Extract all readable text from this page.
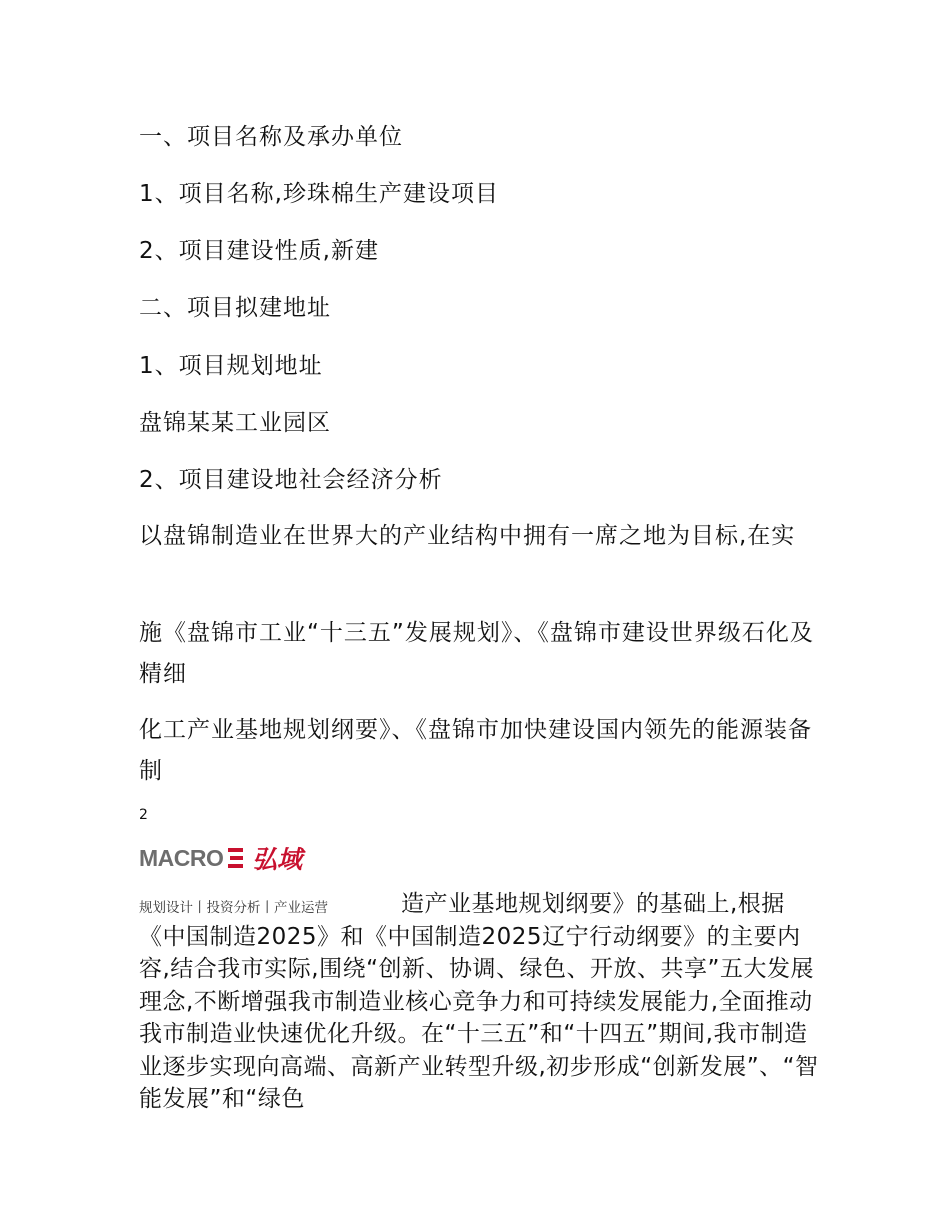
一、项目名称及承办单位
1、项目名称,珍珠棉生产建设项目
2、项目建设性质,新建
二、项目拟建地址
1、项目规划地址
盘锦某某工业园区
2、项目建设地社会经济分析
以盘锦制造业在世界大的产业结构中拥有一席之地为目标,在实
施《盘锦市工业“十三五”发展规划》、《盘锦市建设世界级石化及精细
化工产业基地规划纲要》、《盘锦市加快建设国内领先的能源装备制
2
MACRO 弘域
规划设计丨投资分析丨产业运营	造产业基地规划纲要》的基础上,根据《中国制造2025》和《中国制造2025辽宁行动纲要》的主要内容,结合我市实际,围绕“创新、协调、绿色、开放、共享”五大发展理念,不断增强我市制造业核心竞争力和可持续发展能力,全面推动我市制造业快速优化升级。在“十三五”和“十四五”期间,我市制造业逐步实现向高端、高新产业转型升级,初步形成“创新发展”、“智能发展”和“绿色
